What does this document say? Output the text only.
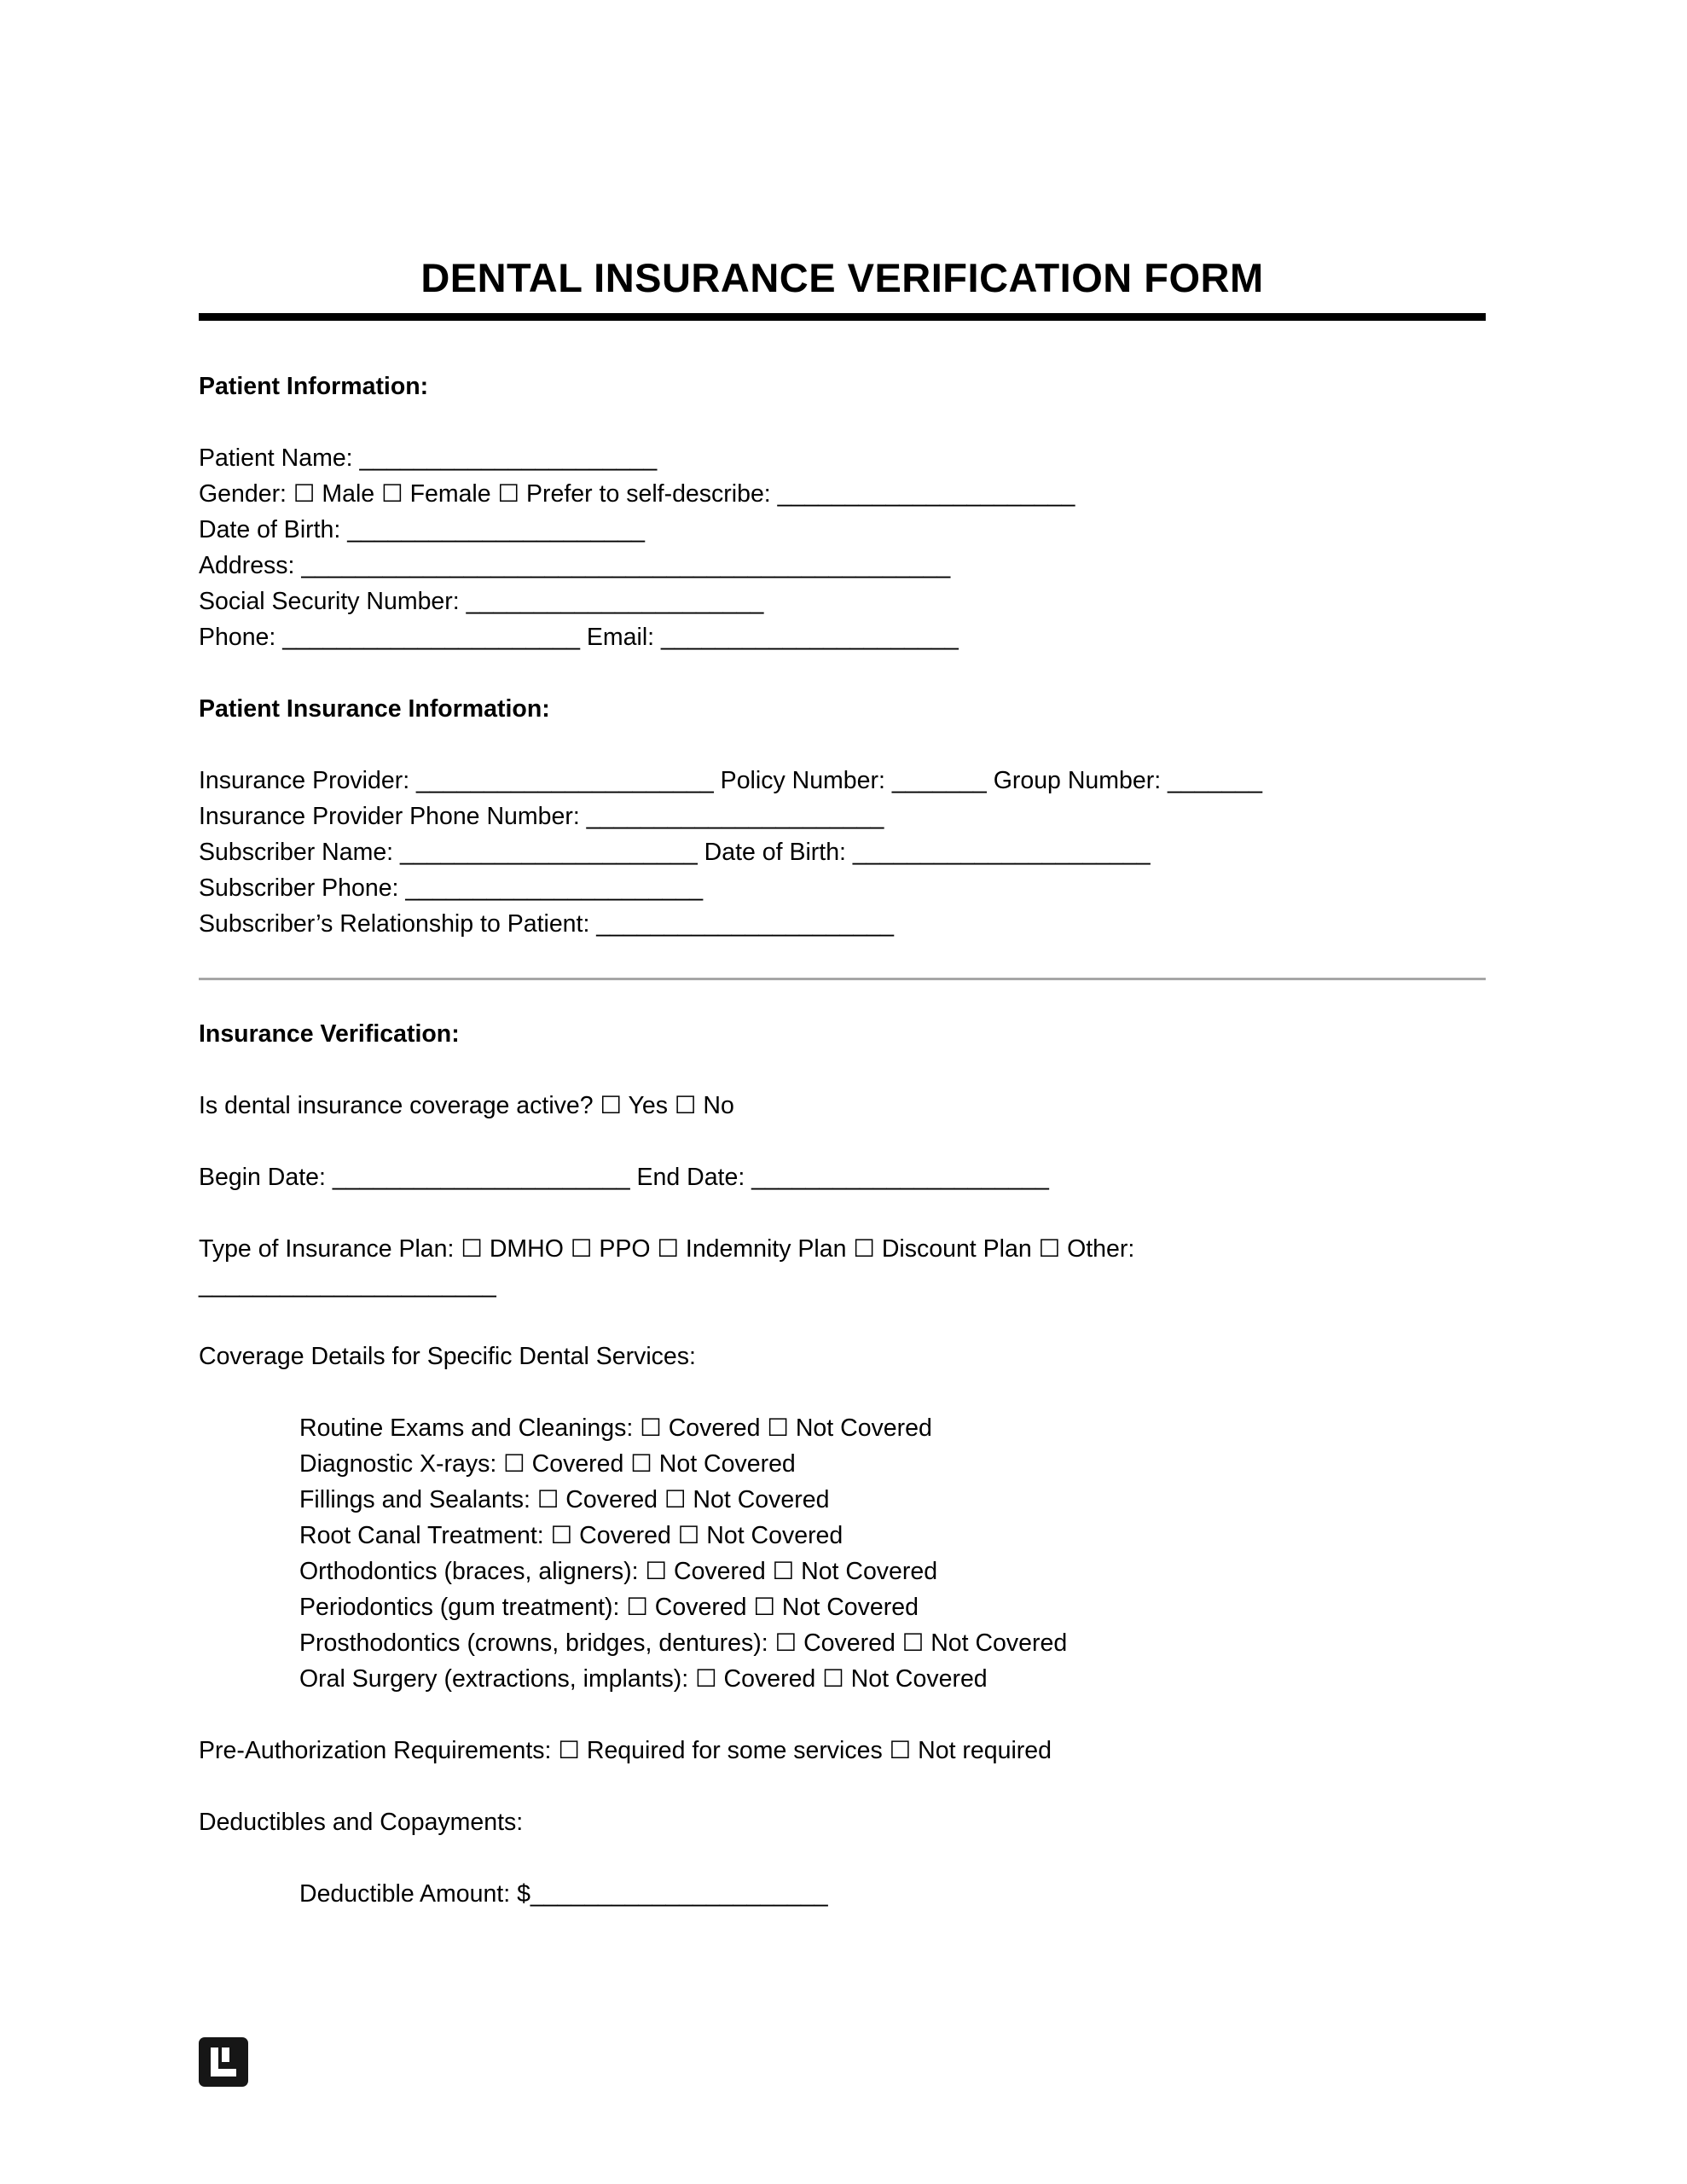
DENTAL INSURANCE VERIFICATION FORM
Patient Information:
Patient Name: ______________________
Gender: ☐ Male ☐ Female ☐ Prefer to self-describe: ______________________
Date of Birth: ______________________
Address: ________________________________________________
Social Security Number: ______________________
Phone: ______________________ Email: ______________________
Patient Insurance Information:
Insurance Provider: ______________________ Policy Number: _______ Group Number: _______
Insurance Provider Phone Number: ______________________
Subscriber Name: ______________________ Date of Birth: ______________________
Subscriber Phone: ______________________
Subscriber’s Relationship to Patient: ______________________
Insurance Verification:
Is dental insurance coverage active? ☐ Yes ☐ No
Begin Date: ______________________ End Date: ______________________
Type of Insurance Plan: ☐ DMHO ☐ PPO ☐ Indemnity Plan ☐ Discount Plan ☐ Other:
______________________
Coverage Details for Specific Dental Services:
Routine Exams and Cleanings: ☐ Covered ☐ Not Covered
Diagnostic X-rays: ☐ Covered ☐ Not Covered
Fillings and Sealants: ☐ Covered ☐ Not Covered
Root Canal Treatment: ☐ Covered ☐ Not Covered
Orthodontics (braces, aligners): ☐ Covered ☐ Not Covered
Periodontics (gum treatment): ☐ Covered ☐ Not Covered
Prosthodontics (crowns, bridges, dentures): ☐ Covered ☐ Not Covered
Oral Surgery (extractions, implants): ☐ Covered ☐ Not Covered
Pre-Authorization Requirements: ☐ Required for some services ☐ Not required
Deductibles and Copayments:
Deductible Amount: $______________________
